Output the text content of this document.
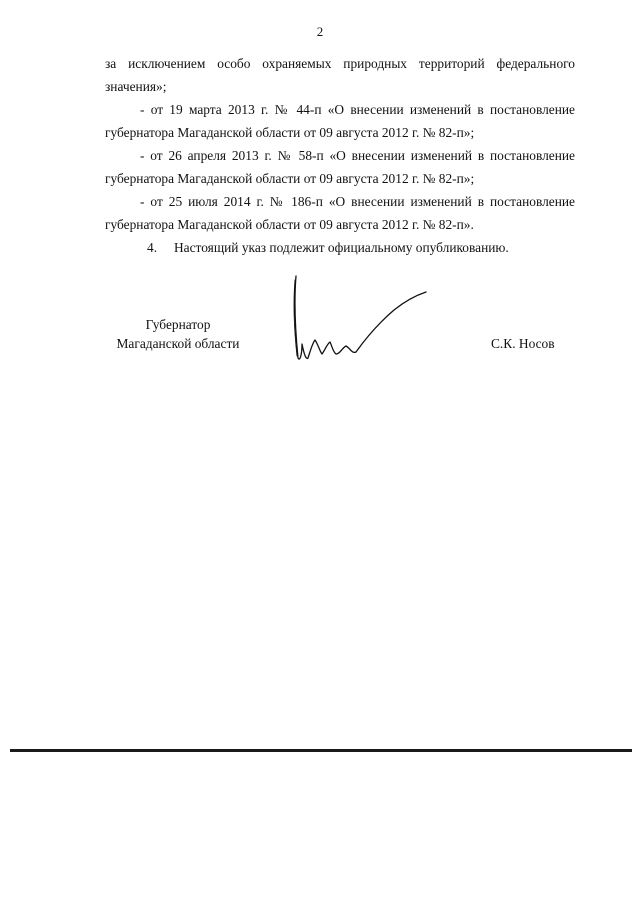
2

за исключением особо охраняемых природных территорий федерального значения»;

- от 19 марта 2013 г. № 44-п «О внесении изменений в постановление губернатора Магаданской области от 09 августа 2012 г. № 82-п»;

- от 26 апреля 2013 г. № 58-п «О внесении изменений в постановление губернатора Магаданской области от 09 августа 2012 г. № 82-п»;

- от 25 июля 2014 г. № 186-п «О внесении изменений в постановление губернатора Магаданской области от 09 августа 2012 г. № 82-п».

4. Настоящий указ подлежит официальному опубликованию.

Губернатор
Магаданской области	С.К. Носов
